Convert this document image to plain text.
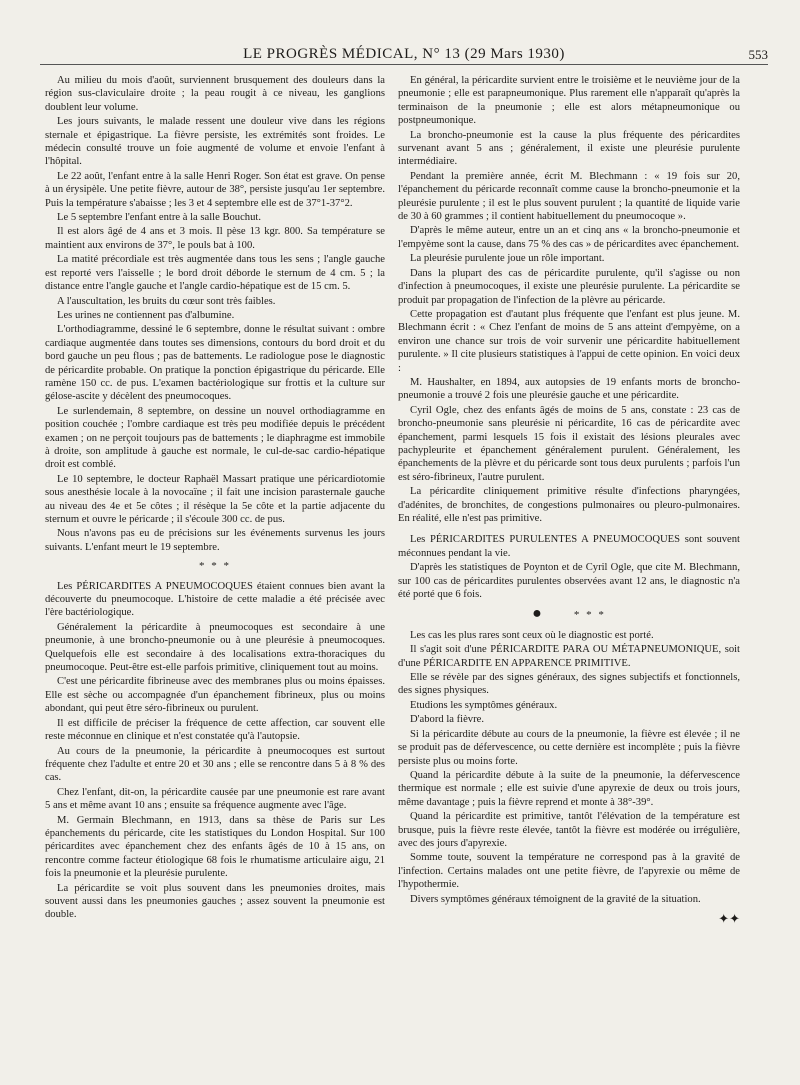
LE PROGRÈS MÉDICAL, N° 13 (29 Mars 1930)	553

Au milieu du mois d'août, surviennent brusquement des douleurs dans la région sus-claviculaire droite ; la peau rougit à ce niveau, les ganglions doublent leur volume.

Les jours suivants, le malade ressent une douleur vive dans les régions sternale et épigastrique. La fièvre persiste, les extrémités sont froides. Le médecin consulté trouve un foie augmenté de volume et envoie l'enfant à l'hôpital.

Le 22 août, l'enfant entre à la salle Henri Roger. Son état est grave. On pense à un érysipèle. Une petite fièvre, autour de 38°, persiste jusqu'au 1er septembre. Puis la température s'abaisse ; les 3 et 4 septembre elle est de 37°1-37°2.

Le 5 septembre l'enfant entre à la salle Bouchut.

Il est alors âgé de 4 ans et 3 mois. Il pèse 13 kgr. 800. Sa température se maintient aux environs de 37°, le pouls bat à 100.

La matité précordiale est très augmentée dans tous les sens ; l'angle gauche est reporté vers l'aisselle ; le bord droit déborde le sternum de 4 cm. 5 ; la distance entre l'angle gauche et l'angle cardio-hépatique est de 15 cm. 5.

A l'auscultation, les bruits du cœur sont très faibles.

Les urines ne contiennent pas d'albumine.

L'orthodiagramme, dessiné le 6 septembre, donne le résultat suivant : ombre cardiaque augmentée dans toutes ses dimensions, contours du bord droit et du bord gauche un peu flous ; pas de battements. Le radiologue pose le diagnostic de péricardite probable. On pratique la ponction épigastrique du péricarde. Elle ramène 150 cc. de pus. L'examen bactériologique sur frottis et la culture sur gélose-ascite y décèlent des pneumocoques.

Le surlendemain, 8 septembre, on dessine un nouvel orthodiagramme en position couchée ; l'ombre cardiaque est très peu modifiée depuis le précédent examen ; on ne perçoit toujours pas de battements ; le diaphragme est immobile à droite, son amplitude à gauche est normale, le cul-de-sac cardio-hépatique droit est comblé.

Le 10 septembre, le docteur Raphaël Massart pratique une péricardiotomie sous anesthésie locale à la novocaïne ; il fait une incision parasternale gauche au niveau des 4e et 5e côtes ; il résèque la 5e côte et la partie adjacente du sternum et ouvre le péricarde ; il s'écoule 300 cc. de pus.

Nous n'avons pas eu de précisions sur les événements survenus les jours suivants. L'enfant meurt le 19 septembre.

* * *

Les PÉRICARDITES A PNEUMOCOQUES étaient connues bien avant la découverte du pneumocoque. L'histoire de cette maladie a été précisée avec l'ère bactériologique.

Généralement la péricardite à pneumocoques est secondaire à une pneumonie, à une broncho-pneumonie ou à une pleurésie à pneumocoques. Quelquefois elle est secondaire à des localisations extra-thoraciques du pneumocoque. Peut-être est-elle parfois primitive, cliniquement tout au moins.

C'est une péricardite fibrineuse avec des membranes plus ou moins épaisses. Elle est sèche ou accompagnée d'un épanchement fibrineux, plus ou moins abondant, qui peut être séro-fibrineux ou purulent.

Il est difficile de préciser la fréquence de cette affection, car souvent elle reste méconnue en clinique et n'est constatée qu'à l'autopsie.

Au cours de la pneumonie, la péricardite à pneumocoques est surtout fréquente chez l'adulte et entre 20 et 30 ans ; elle se rencontre dans 5 à 8 % des cas.

Chez l'enfant, dit-on, la péricardite causée par une pneumonie est rare avant 5 ans et même avant 10 ans ; ensuite sa fréquence augmente avec l'âge.

M. Germain Blechmann, en 1913, dans sa thèse de Paris sur Les épanchements du péricarde, cite les statistiques du London Hospital. Sur 100 péricardites avec épanchement chez des enfants âgés de 10 à 15 ans, on rencontre comme facteur étiologique 68 fois le rhumatisme articulaire aigu, 21 fois la pneumonie et la pleurésie purulente.

La péricardite se voit plus souvent dans les pneumonies droites, mais souvent aussi dans les pneumonies gauches ; assez souvent la pneumonie est double.

En général, la péricardite survient entre le troisième et le neuvième jour de la pneumonie ; elle est parapneumonique. Plus rarement elle n'apparaît qu'après la terminaison de la pneumonie ; elle est alors métapneumonique ou postpneumonique.

La broncho-pneumonie est la cause la plus fréquente des péricardites survenant avant 5 ans ; généralement, il existe une pleurésie purulente intermédiaire.

Pendant la première année, écrit M. Blechmann : « 19 fois sur 20, l'épanchement du péricarde reconnaît comme cause la broncho-pneumonie et la pleurésie purulente ; il est le plus souvent purulent ; la quantité de liquide varie de 30 à 60 grammes ; il contient habituellement du pneumocoque ».

D'après le même auteur, entre un an et cinq ans « la broncho-pneumonie et l'empyème sont la cause, dans 75 % des cas » de péricardites avec épanchement.

La pleurésie purulente joue un rôle important.

Dans la plupart des cas de péricardite purulente, qu'il s'agisse ou non d'infection à pneumocoques, il existe une pleurésie purulente. La péricardite se produit par propagation de l'infection de la plèvre au péricarde.

Cette propagation est d'autant plus fréquente que l'enfant est plus jeune. M. Blechmann écrit : « Chez l'enfant de moins de 5 ans atteint d'empyème, on a environ une chance sur trois de voir survenir une péricardite habituellement purulente. » Il cite plusieurs statistiques à l'appui de cette opinion. En voici deux :

M. Haushalter, en 1894, aux autopsies de 19 enfants morts de broncho-pneumonie a trouvé 2 fois une pleurésie gauche et une péricardite.

Cyril Ogle, chez des enfants âgés de moins de 5 ans, constate : 23 cas de broncho-pneumonie sans pleurésie ni péricardite, 16 cas de péricardite avec épanchement, parmi lesquels 15 fois il existait des lésions pleurales avec pachypleurite et épanchement généralement purulent. Généralement, les épanchements de la plèvre et du péricarde sont tous deux purulents ; parfois l'un est séro-fibrineux, l'autre purulent.

La péricardite cliniquement primitive résulte d'infections pharyngées, d'adénites, de bronchites, de congestions pulmonaires ou pleuro-pulmonaires. En réalité, elle n'est pas primitive.

Les PÉRICARDITES PURULENTES A PNEUMOCOQUES sont souvent méconnues pendant la vie.

D'après les statistiques de Poynton et de Cyril Ogle, que cite M. Blechmann, sur 100 cas de péricardites purulentes observées avant 12 ans, le diagnostic n'a été porté que 6 fois.

●	* * *

Les cas les plus rares sont ceux où le diagnostic est porté.

Il s'agit soit d'une PÉRICARDITE PARA OU MÉTAPNEUMONIQUE, soit d'une PÉRICARDITE EN APPARENCE PRIMITIVE.

Elle se révèle par des signes généraux, des signes subjectifs et fonctionnels, des signes physiques.

Etudions les symptômes généraux.

D'abord la fièvre.

Si la péricardite débute au cours de la pneumonie, la fièvre est élevée ; il ne se produit pas de défervescence, ou cette dernière est incomplète ; puis la fièvre persiste plus ou moins forte.

Quand la péricardite débute à la suite de la pneumonie, la défervescence thermique est normale ; elle est suivie d'une apyrexie de deux ou trois jours, même davantage ; puis la fièvre reprend et monte à 38°-39°.

Quand la péricardite est primitive, tantôt l'élévation de la température est brusque, puis la fièvre reste élevée, tantôt la fièvre est modérée ou irrégulière, avec des jours d'apyrexie.

Somme toute, souvent la température ne correspond pas à la gravité de l'infection. Certains malades ont une petite fièvre, de l'apyrexie ou même de l'hypothermie.

Divers symptômes généraux témoignent de la gravité de la situation.

✦✦
